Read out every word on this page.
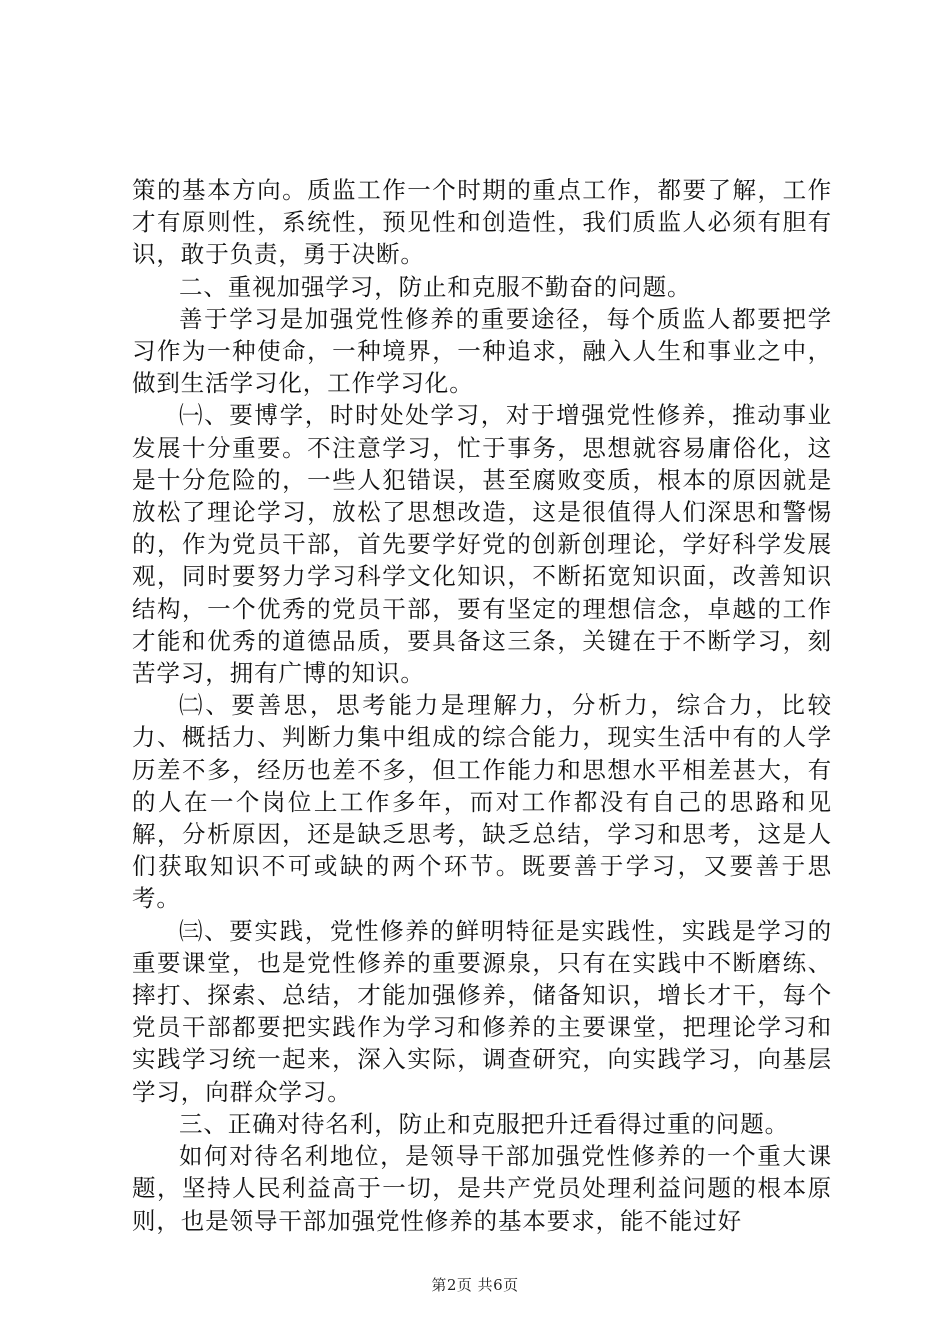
策的基本方向。质监工作一个时期的重点工作，都要了解，工作才有原则性，系统性，预见性和创造性，我们质监人必须有胆有识，敢于负责，勇于决断。

二、重视加强学习，防止和克服不勤奋的问题。

善于学习是加强党性修养的重要途径，每个质监人都要把学习作为一种使命，一种境界，一种追求，融入人生和事业之中，做到生活学习化，工作学习化。

㈠、要博学，时时处处学习，对于增强党性修养，推动事业发展十分重要。不注意学习，忙于事务，思想就容易庸俗化，这是十分危险的，一些人犯错误，甚至腐败变质，根本的原因就是放松了理论学习，放松了思想改造，这是很值得人们深思和警惕的，作为党员干部，首先要学好党的创新创理论，学好科学发展观，同时要努力学习科学文化知识，不断拓宽知识面，改善知识结构，一个优秀的党员干部，要有坚定的理想信念，卓越的工作才能和优秀的道德品质，要具备这三条，关键在于不断学习，刻苦学习，拥有广博的知识。

㈡、要善思，思考能力是理解力，分析力，综合力，比较力、概括力、判断力集中组成的综合能力，现实生活中有的人学历差不多，经历也差不多，但工作能力和思想水平相差甚大，有的人在一个岗位上工作多年，而对工作都没有自己的思路和见解，分析原因，还是缺乏思考，缺乏总结，学习和思考，这是人们获取知识不可或缺的两个环节。既要善于学习，又要善于思考。

㈢、要实践，党性修养的鲜明特征是实践性，实践是学习的重要课堂，也是党性修养的重要源泉，只有在实践中不断磨练、摔打、探索、总结，才能加强修养，储备知识，增长才干，每个党员干部都要把实践作为学习和修养的主要课堂，把理论学习和实践学习统一起来，深入实际，调查研究，向实践学习，向基层学习，向群众学习。

三、正确对待名利，防止和克服把升迁看得过重的问题。

如何对待名利地位，是领导干部加强党性修养的一个重大课题，坚持人民利益高于一切，是共产党员处理利益问题的根本原则，也是领导干部加强党性修养的基本要求，能不能过好

第2页 共6页
